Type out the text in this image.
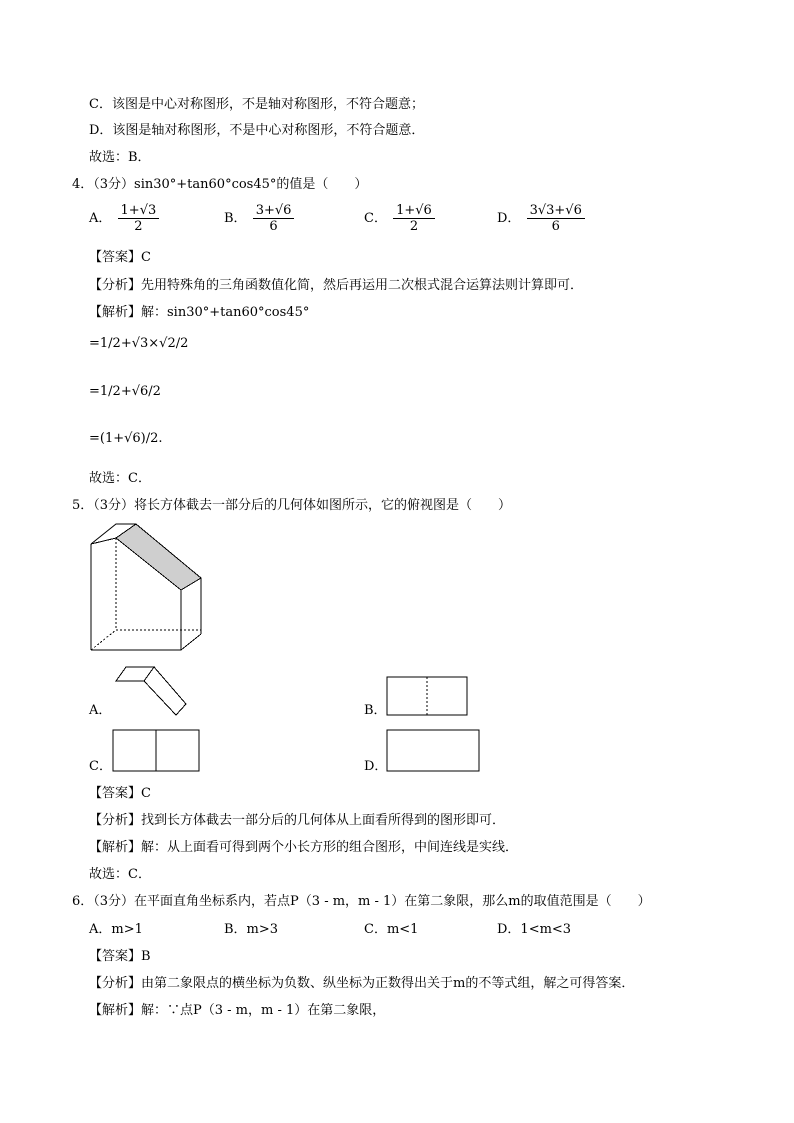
C．该图是中心对称图形，不是轴对称图形，不符合题意；
D．该图是轴对称图形，不是中心对称图形，不符合题意．
故选：B．
4．（3分）sin30°+tan60°cos45°的值是（　　）
A． $\frac{1+√3}{2}$	B． $\frac{3+√6}{6}$	C． $\frac{1+√6}{2}$	D． $\frac{3√3+√6}{6}$
【答案】C
【分析】先用特殊角的三角函数值化简，然后再运用二次根式混合运算法则计算即可．
【解析】解：sin30°+tan60°cos45°
=1/2+√3×√2/2
=1/2+√6/2
=(1+√6)/2.
故选：C．
5．（3分）将长方体截去一部分后的几何体如图所示，它的俯视图是（　　）
A．	B．
C．	D．
【答案】C
【分析】找到长方体截去一部分后的几何体从上面看所得到的图形即可．
【解析】解：从上面看可得到两个小长方形的组合图形，中间连线是实线．
故选：C．
6．（3分）在平面直角坐标系内，若点P（3 - m，m - 1）在第二象限，那么m的取值范围是（　　）
A．m>1	B．m>3	C．m<1	D．1<m<3
【答案】B
【分析】由第二象限点的横坐标为负数、纵坐标为正数得出关于m的不等式组，解之可得答案．
【解析】解：∵点P（3 - m，m - 1）在第二象限，
